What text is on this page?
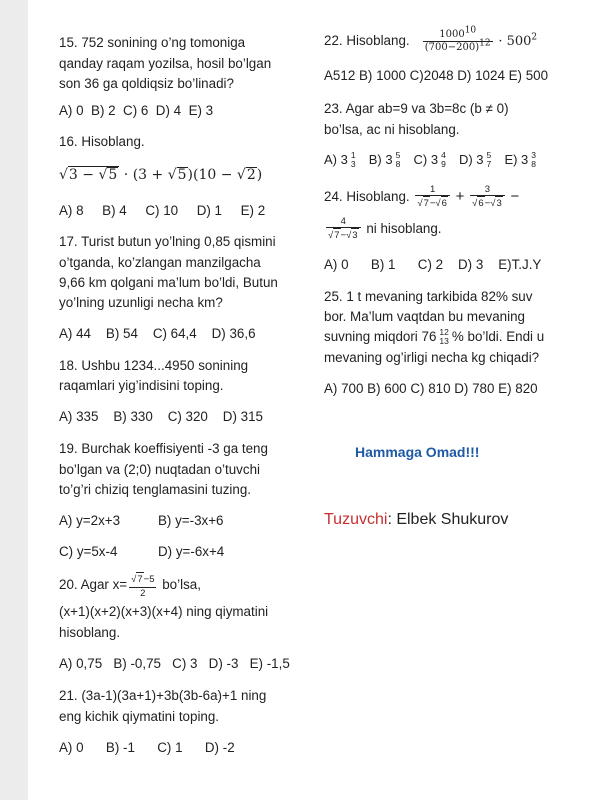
15. 752 sonining o’ng tomoniga
qanday raqam yozilsa, hosil bo’lgan
son 36 ga qoldiqsiz bo’linadi?
A) 0 B) 2 C) 6 D) 4 E) 3
16. Hisoblang.
√3 − √5 · (3 + √5)(10 − √2)
A) 8 B) 4 C) 10 D) 1 E) 2
17. Turist butun yo’lning 0,85 qismini
o’tganda, ko’zlangan manzilgacha
9,66 km qolgani ma’lum bo’ldi, Butun
yo’lning uzunligi necha km?
A) 44 B) 54 C) 64,4 D) 36,6
18. Ushbu 1234...4950 sonining
raqamlari yig’indisini toping.
A) 335 B) 330 C) 320 D) 315
19. Burchak koeffisiyenti -3 ga teng
bo’lgan va (2;0) nuqtadan o’tuvchi
to’g’ri chiziq tenglamasini tuzing.
A) y=2x+3	B) y=-3x+6
C) y=5x-4	D) y=-6x+4
20. Agar $x= \frac{√7-5}{2}$ bo’lsa,
(x+1)(x+2)(x+3)(x+4) ning qiymatini
hisoblang.
A) 0,75 B) -0,75 C) 3 D) -3 E) -1,5
21. (3a-1)(3a+1)+3b(3b-6a)+1 ning
eng kichik qiymatini toping.
A) 0 B) -1 C) 1 D) -2
22. Hisoblang. $\frac{1000^{10}}{(700-200)^{12}} \cdot 500^2$
A512 B) 1000 C)2048 D) 1024 E) 500
23. Agar ab=9 va 3b=8c (b ≠ 0)
bo’lsa, ac ni hisoblang.
A) 3 1
3
B) 3 5
8
C) 3 4
9
D) 3 5
7
E) 3 3
8
24. Hisoblang. $\frac{1}{√7-√6} + \frac{3}{√6-√3}$ −
$\frac{4}{√7-√3}$ ni hisoblang.
A) 0 B) 1 C) 2 D) 3 E)T.J.Y
25. 1 t mevaning tarkibida 82% suv
bor. Ma’lum vaqtdan bu mevaning
suvning miqdori 76 12
13 % bo’ldi. Endi u
mevaning og’irligi necha kg chiqadi?
A) 700 B) 600 C) 810 D) 780 E) 820
Hammaga Omad!!!
Tuzuvchi: Elbek Shukurov
